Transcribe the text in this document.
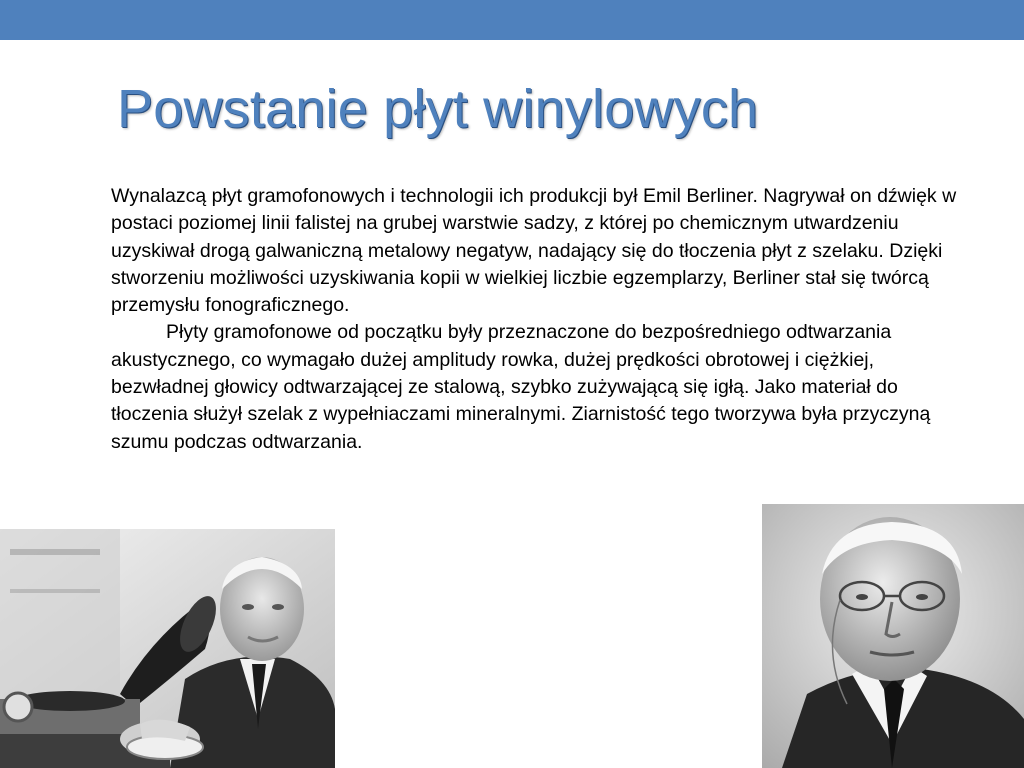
Powstanie płyt winylowych

Wynalazcą płyt gramofonowych i technologii ich produkcji był Emil Berliner. Nagrywał on dźwięk w postaci poziomej linii falistej na grubej warstwie sadzy, z której po chemicznym utwardzeniu uzyskiwał drogą galwaniczną metalowy negatyw, nadający się do tłoczenia płyt z szelaku. Dzięki stworzeniu możliwości uzyskiwania kopii w wielkiej liczbie egzemplarzy, Berliner stał się twórcą przemysłu fonograficznego.

Płyty gramofonowe od początku były przeznaczone do bezpośredniego odtwarzania akustycznego, co wymagało dużej amplitudy rowka, dużej prędkości obrotowej i ciężkiej, bezwładnej głowicy odtwarzającej ze stalową, szybko zużywającą się igłą. Jako materiał do tłoczenia służył szelak z wypełniaczami mineralnymi. Ziarnistość tego tworzywa była przyczyną szumu podczas odtwarzania.
